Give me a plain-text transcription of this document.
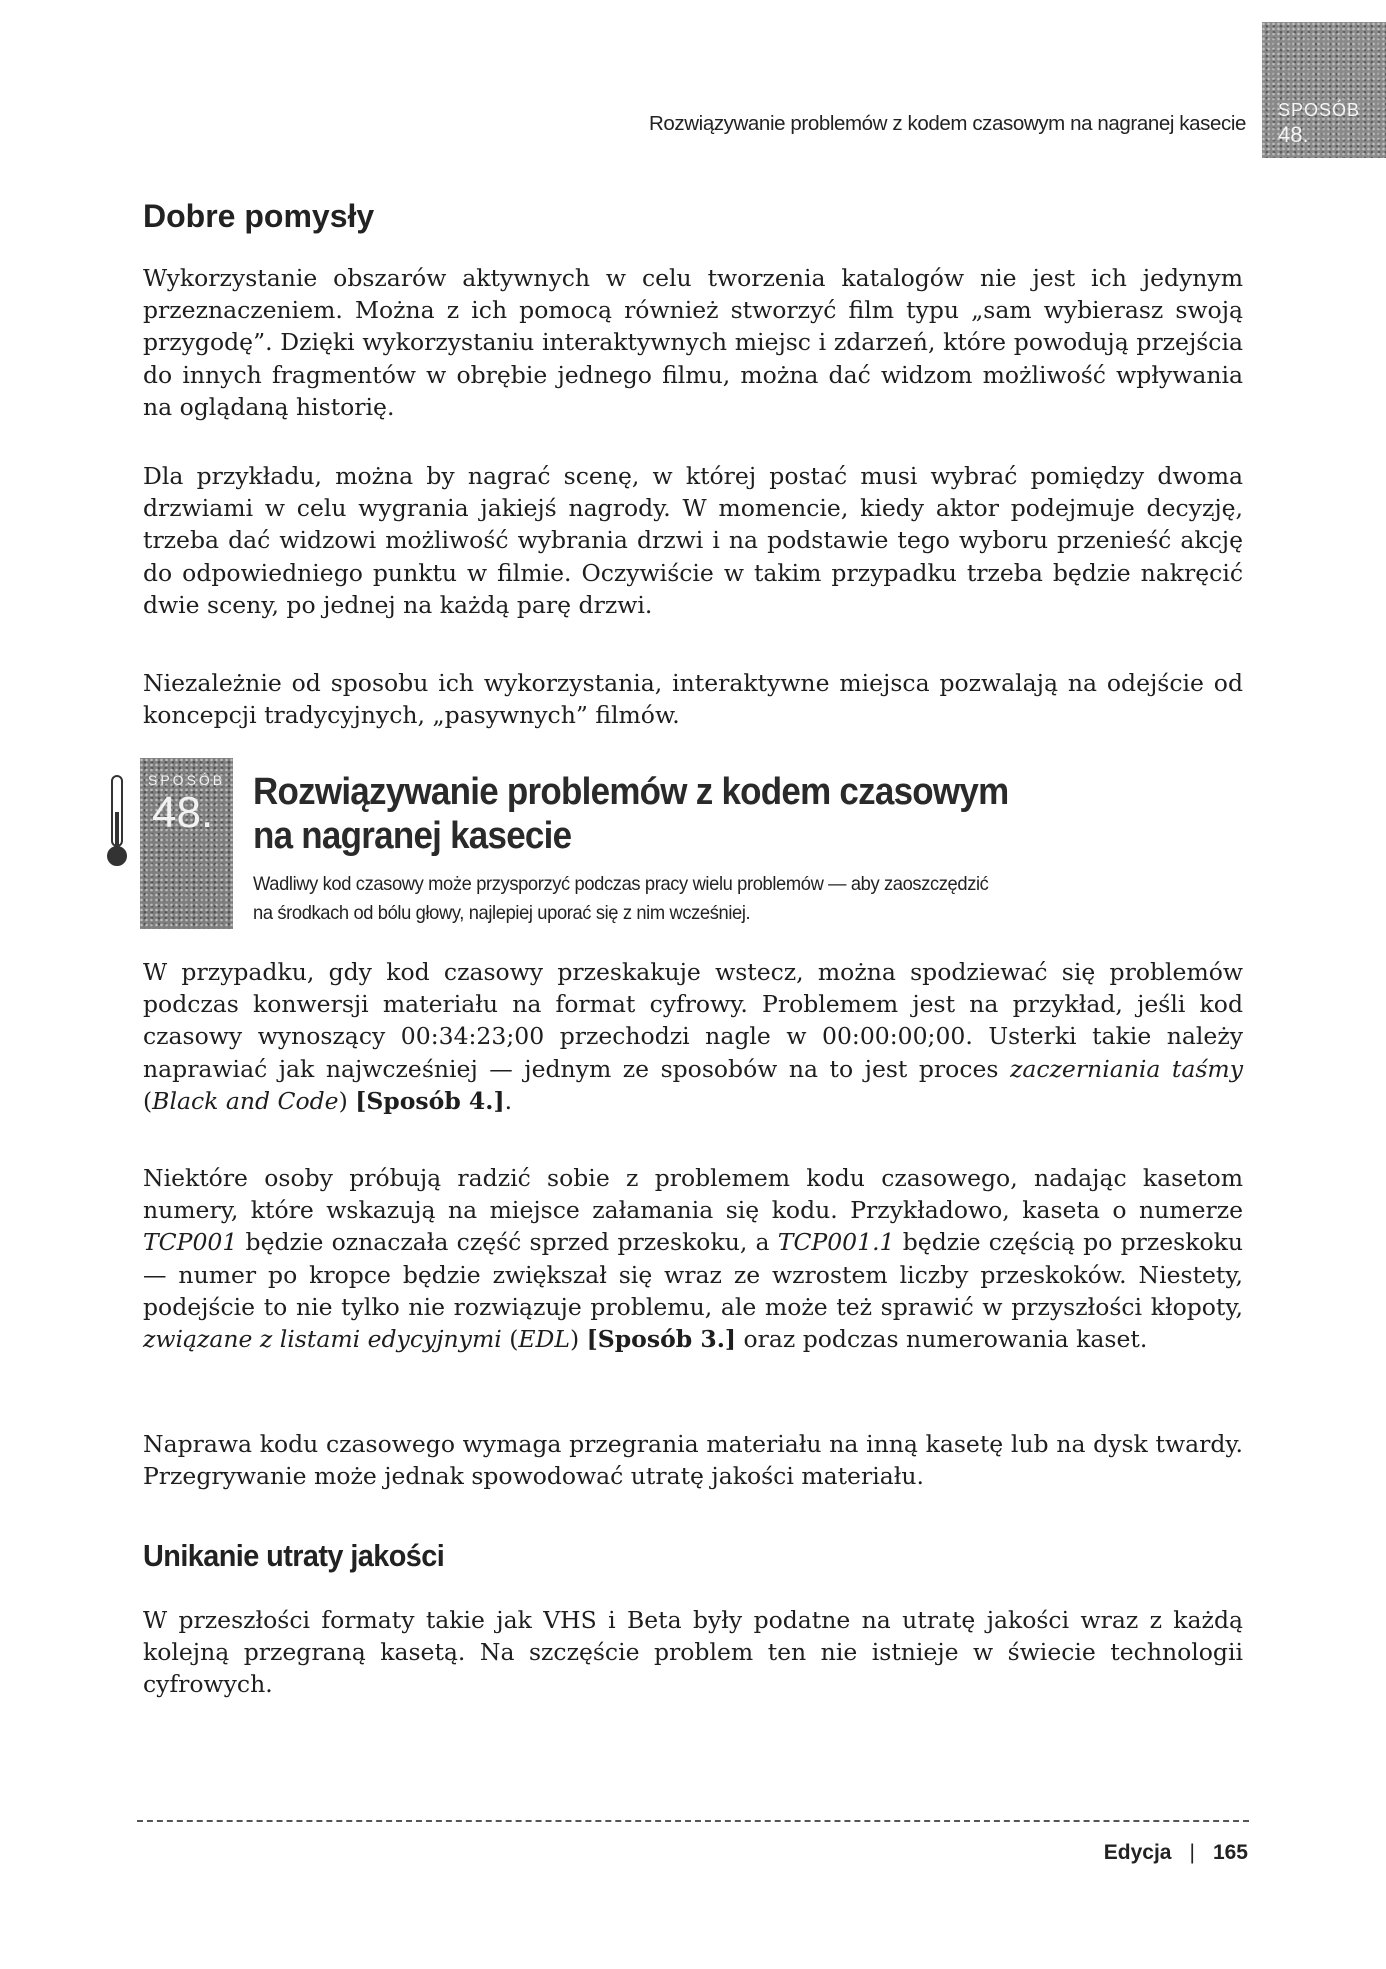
SPOSÓB
48.
Rozwiązywanie problemów z kodem czasowym na nagranej kasecie
Dobre pomysły

Wykorzystanie obszarów aktywnych w celu tworzenia katalogów nie jest ich jedynym przeznaczeniem. Można z ich pomocą również stworzyć film typu „sam wybierasz swoją przygodę”. Dzięki wykorzystaniu interaktywnych miejsc i zdarzeń, które powodują przejścia do innych fragmentów w obrębie jednego filmu, można dać widzom możliwość wpływania na oglądaną historię.

Dla przykładu, można by nagrać scenę, w której postać musi wybrać pomiędzy dwoma drzwiami w celu wygrania jakiejś nagrody. W momencie, kiedy aktor podejmuje decyzję, trzeba dać widzowi możliwość wybrania drzwi i na podstawie tego wyboru przenieść akcję do odpowiedniego punktu w filmie. Oczywiście w takim przypadku trzeba będzie nakręcić dwie sceny, po jednej na każdą parę drzwi.

Niezależnie od sposobu ich wykorzystania, interaktywne miejsca pozwalają na odejście od koncepcji tradycyjnych, „pasywnych” filmów.

SPOSÓB
48. Rozwiązywanie problemów z kodem czasowym
na nagranej kasecie

Wadliwy kod czasowy może przysporzyć podczas pracy wielu problemów — aby zaoszczędzić
na środkach od bólu głowy, najlepiej uporać się z nim wcześniej.

W przypadku, gdy kod czasowy przeskakuje wstecz, można spodziewać się problemów podczas konwersji materiału na format cyfrowy. Problemem jest na przykład, jeśli kod czasowy wynoszący 00:34:23;00 przechodzi nagle w 00:00:00;00. Usterki takie należy naprawiać jak najwcześniej — jednym ze sposobów na to jest proces zaczerniania taśmy (Black and Code) [Sposób 4.].

Niektóre osoby próbują radzić sobie z problemem kodu czasowego, nadając kasetom numery, które wskazują na miejsce załamania się kodu. Przykładowo, kaseta o numerze TCP001 będzie oznaczała część sprzed przeskoku, a TCP001.1 będzie częścią po przeskoku — numer po kropce będzie zwiększał się wraz ze wzrostem liczby przeskoków. Niestety, podejście to nie tylko nie rozwiązuje problemu, ale może też sprawić w przyszłości kłopoty, związane z listami edycyjnymi (EDL) [Sposób 3.] oraz podczas numerowania kaset.

Naprawa kodu czasowego wymaga przegrania materiału na inną kasetę lub na dysk twardy. Przegrywanie może jednak spowodować utratę jakości materiału.

Unikanie utraty jakości

W przeszłości formaty takie jak VHS i Beta były podatne na utratę jakości wraz z każdą kolejną przegraną kasetą. Na szczęście problem ten nie istnieje w świecie technologii cyfrowych.

Edycja | 165
